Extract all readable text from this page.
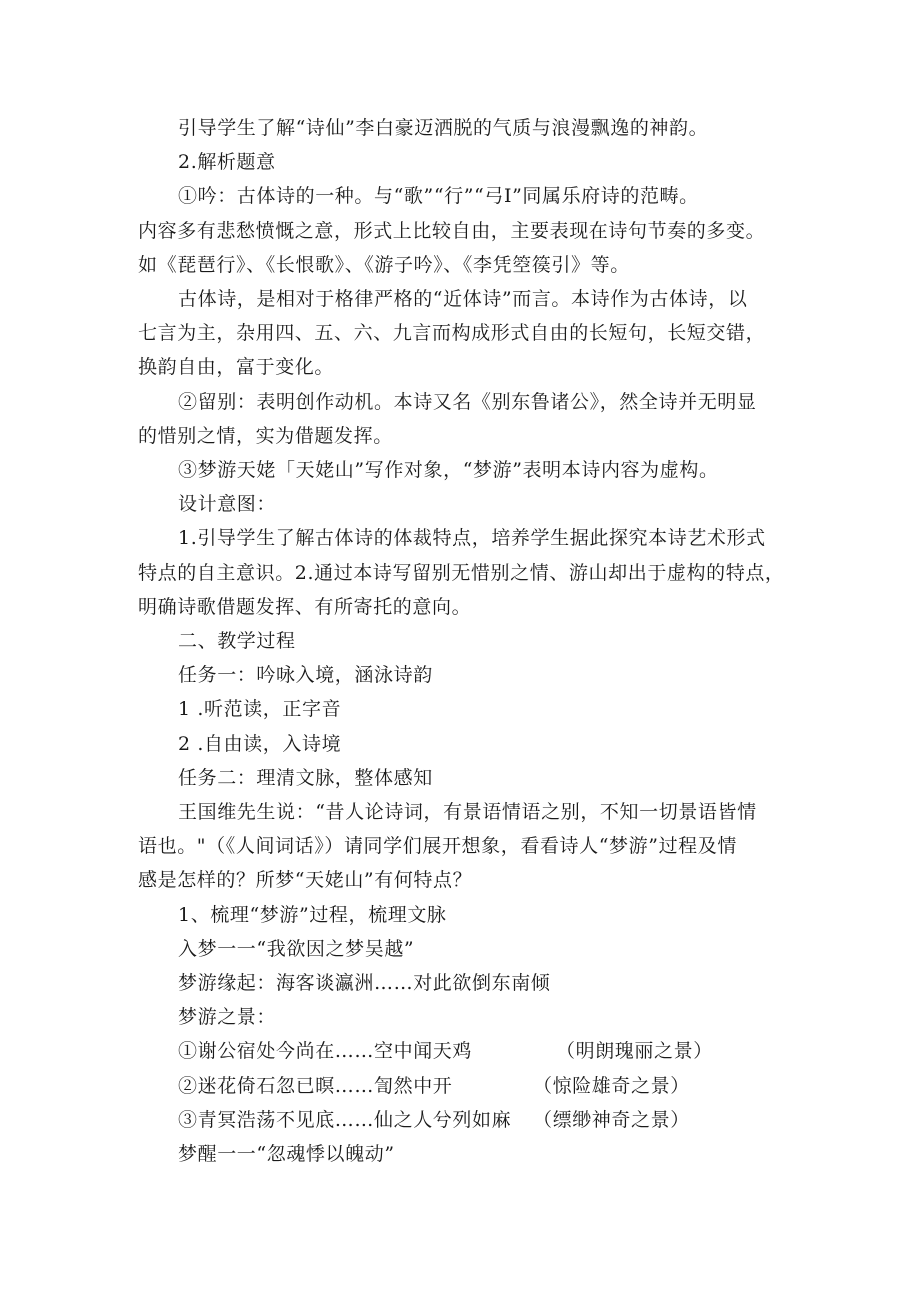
引导学生了解“诗仙”李白豪迈洒脱的气质与浪漫飘逸的神韵。
2.解析题意
①吟：古体诗的一种。与“歌”“行”“弓I”同属乐府诗的范畴。
内容多有悲愁愤慨之意，形式上比较自由，主要表现在诗句节奏的多变。
如《琵琶行》、《长恨歌》、《游子吟》、《李凭箜篌引》等。
古体诗，是相对于格律严格的“近体诗”而言。本诗作为古体诗，以
七言为主，杂用四、五、六、九言而构成形式自由的长短句，长短交错，
换韵自由，富于变化。
②留别：表明创作动机。本诗又名《别东鲁诸公》，然全诗并无明显
的惜别之情，实为借题发挥。
③梦游天姥「天姥山”写作对象，“梦游”表明本诗内容为虚构。
设计意图：
1.引导学生了解古体诗的体裁特点，培养学生据此探究本诗艺术形式
特点的自主意识。2.通过本诗写留别无惜别之情、游山却出于虚构的特点，
明确诗歌借题发挥、有所寄托的意向。
二、教学过程
任务一：吟咏入境，涵泳诗韵
1 .听范读，正字音
2 .自由读，入诗境
任务二：理清文脉，整体感知
王国维先生说：“昔人论诗词，有景语情语之别，不知一切景语皆情
语也。"（《人间词话》）请同学们展开想象，看看诗人“梦游”过程及情
感是怎样的？所梦“天姥山”有何特点？
1、梳理“梦游”过程，梳理文脉
入梦一一“我欲因之梦吴越”
梦游缘起：海客谈瀛洲……对此欲倒东南倾
梦游之景：
①谢公宿处今尚在……空中闻天鸡	（明朗瑰丽之景）
②迷花倚石忽已暝……訇然中开	（惊险雄奇之景）
③青冥浩荡不见底……仙之人兮列如麻 （缥缈神奇之景）
梦醒一一“忽魂悸以魄动”
